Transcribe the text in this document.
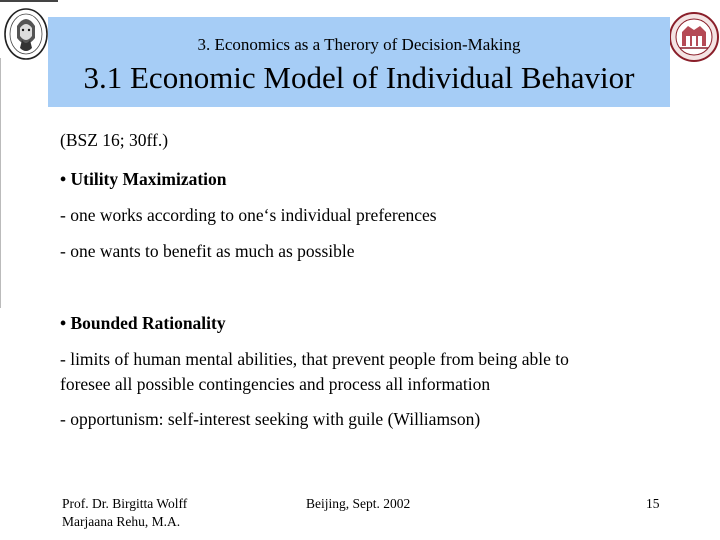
3. Economics as a Therory of Decision-Making
3.1 Economic Model of Individual Behavior
(BSZ 16; 30ff.)
• Utility Maximization
- one works according to one‘s individual preferences
- one wants to benefit as much as possible
• Bounded Rationality
- limits of human mental abilities, that prevent people from being able to
foresee all possible contingencies and process all information
- opportunism: self-interest seeking with guile (Williamson)
Prof. Dr. Birgitta Wolff
Marjaana Rehu, M.A.
Beijing, Sept. 2002	15
